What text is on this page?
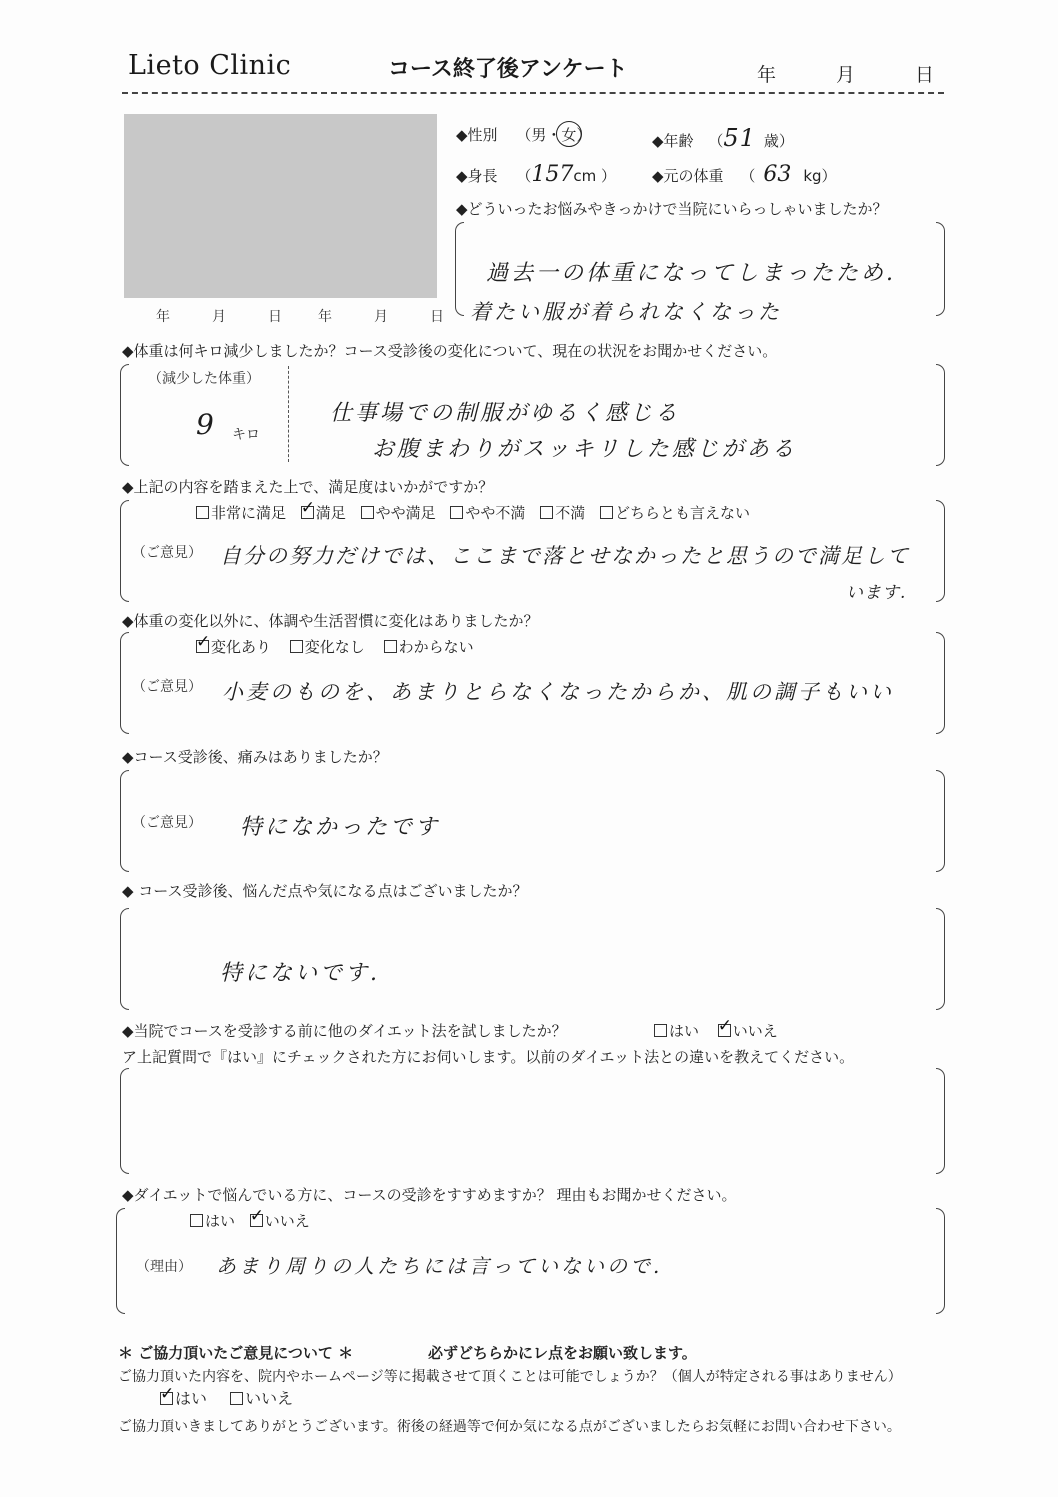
Lieto Clinic	コース終了後アンケート	年	月	日
年　月　日 年　月　日
◆性別 （男・女
）	◆年齢 （51 歳）
◆身長 （157cm ） ◆元の体重 （ 63 kg）
◆どういったお悩みやきっかけで当院にいらっしゃいましたか？
過去一の体重になってしまったため.
着たい服が着られなくなった
◆体重は何キロ減少しましたか？コース受診後の変化について、現在の状況をお聞かせください。
（減少した体重）
9 キロ
仕事場での制服がゆるく感じる
お腹まわりがスッキリした感じがある
◆上記の内容を踏まえた上で、満足度はいかがですか？
非常に満足 ✓ 満足 やや満足 やや不満 不満 どちらとも言えない
（ご意見） 自分の努力だけでは、ここまで落とせなかったと思うので満足して
います.
◆体重の変化以外に、体調や生活習慣に変化はありましたか？
✓ 変化あり 変化なし わからない
（ご意見） 小麦のものを、あまりとらなくなったからか、肌の調子もいい
◆コース受診後、痛みはありましたか？
（ご意見） 特になかったです
◆ コース受診後、悩んだ点や気になる点はございましたか？
特にないです.
◆当院でコースを受診する前に他のダイエット法を試しましたか？	はい ✓ いいえ
ア上記質問で『はい』にチェックされた方にお伺いします。以前のダイエット法との違いを教えてください。
◆ダイエットで悩んでいる方に、コースの受診をすすめますか？ 理由もお聞かせください。
はい ✓ いいえ
（理由） あまり周りの人たちには言っていないので.
＊ ご協力頂いたご意見について ＊	必ずどちらかにレ点をお願い致します。
ご協力頂いた内容を、院内やホームページ等に掲載させて頂くことは可能でしょうか？（個人が特定される事はありません）
✓ はい いいえ
ご協力頂いきましてありがとうございます。術後の経過等で何か気になる点がございましたらお気軽にお問い合わせ下さい。
